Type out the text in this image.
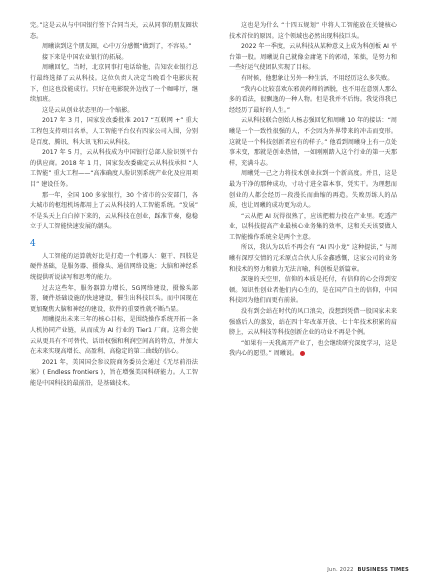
完。”这是云从与中国银行签下合同当天，云从同事的朋友圈状态。

周曦读到这个朋友圈，心中万分感慨“做到了，不容易。”

接下来是中国农业银行的拓展。

周曦回忆，当时，北京同事打电话给他，告知农业银行总行最终选择了云从科技。这位负责人决定当晚看个电影庆祝下，但这也没能成行。只好在电影院外边找了一个咖啡厅，继续加班。

这是云从创业状态里的一个缩影。

2017 年 3 月，国家发改委批准 2017 “互联网 +” 重大工程包支持项目名单，人工智能平台仅有四家公司入围，分别是百度、腾讯、科大讯飞和云从科技。

2017 年 5 月，云从科技成为中国银行总部人脸识别平台的供应商。2018 年 1 月，国家发改委确定云从科技承担 “人工智能” 重大工程——“高准确度人脸识别系统产业化及应用项目” 建设任务。

那一年，全国 100 多家银行，30 个省市的公安部门，各大城市的枢纽机场都用上了云从科技的人工智能系统。“发展” 不是头天上白白掉下来的，云从科技在创业，踩准节奏，稳稳立于人工智能快速发展的潮头。

4

人工智能的运算就好比是打造一个机器人：躯干、四肢是硬件基础，是服务器、摄像头、通信网络设施；大脑和神经系统提供听说读写和思考的能力。

过去这些年，服务器算力增长，5G网络建设，摄像头部署，硬件基础设施的快速建设，催生出科技巨头。而中国现在更加聚焦大脑和神经的建设，软件的重要性就不断凸显。

周曦提出未来三年的核心目标，是围绕操作系统开拓一条人机协同产业链，从而成为 AI 行业的 Tier1 厂商。这将会使云从更具有不可替代、话语权强和利润空间高的特点，并加大在未来实现高增长、高盈利、高稳定的第二曲线的信心。

2021 年，美国国会参议院商务委员会通过《无尽前沿法案》( Endless frontiers )，旨在增强美国科研能力。人工智能是中国科技的最前沿，是基础技术。

这也是为什么 “十四五规划” 中将人工智能放在关键核心技术首位的原因。这个领域也必然出现科技巨头。

2022 年一季度，云从科技从某种意义上成为科创板 AI 平台第一股。周曦说自己就像金庸笔下的郭靖，笨拙，是努力和一些好运气使团队实现了目标。

有时候，他想象让另外一种生活，不用经历这么多失败。

“我内心比较喜欢东邪黄药师的洒脱，也不用在意别人那么多的看法，很飘逸的一种人物。但是我并不后悔。我觉得我已经经历了最好的人生。”

云从科技联合创始人杨志强回忆和周曦 10 年的接话：“周曦是一个一致性很强的人，不会因为外界带来的冲击而变形。这就是一个科技创新者应有的样子。” 他看到周曦身上有一点处事未变，那就是创业热情，一如刚刚踏入这个行业的第一天那样，充满斗志。

周曦凭一己之力将技术创业拉到一个新高度。并且，这是最为干净的那种成功，寸功寸进全靠本事，凭实干。为理想而创业的人都会经历一段漫长而曲缩的再造。失败历练人的品质，也让周曦的成功更为动人。

“云从把 AI 玩得很熟了，应该把精力投在产业里。吃透产业，以科技提高产业最核心业务集的效率，这和关天该要做人工智能操作系统全是两个主意。

所以，我认为以后不再会有 “AI 四小龙” 这种提法，” 与周曦有深厚交情的元禾原点合伙人乐金鑫感慨，这家公司的业务和技术的努力和毅力无法言喻，科创板是新篇章。

深邃的天空里，信仰的本质是托付，有信仰的心会得到安顿。知识性创业者他们内心生的，是在国产自主的信仰，中国科技因为他们而更有前景。

没有到会站在时代的风口浪尖，没想到凭借一股国家未来强盛后人的蒸发，站在四十年改革开放、七十年技术积累的肩膀上，云从科技等科技创新企业的功业不再是个例。

“如果有一天我离开产业了，也会继续研究深度学习，这是我内心的愿望。” 周曦说。

Jun. 2022 BUSINESS TIMES
